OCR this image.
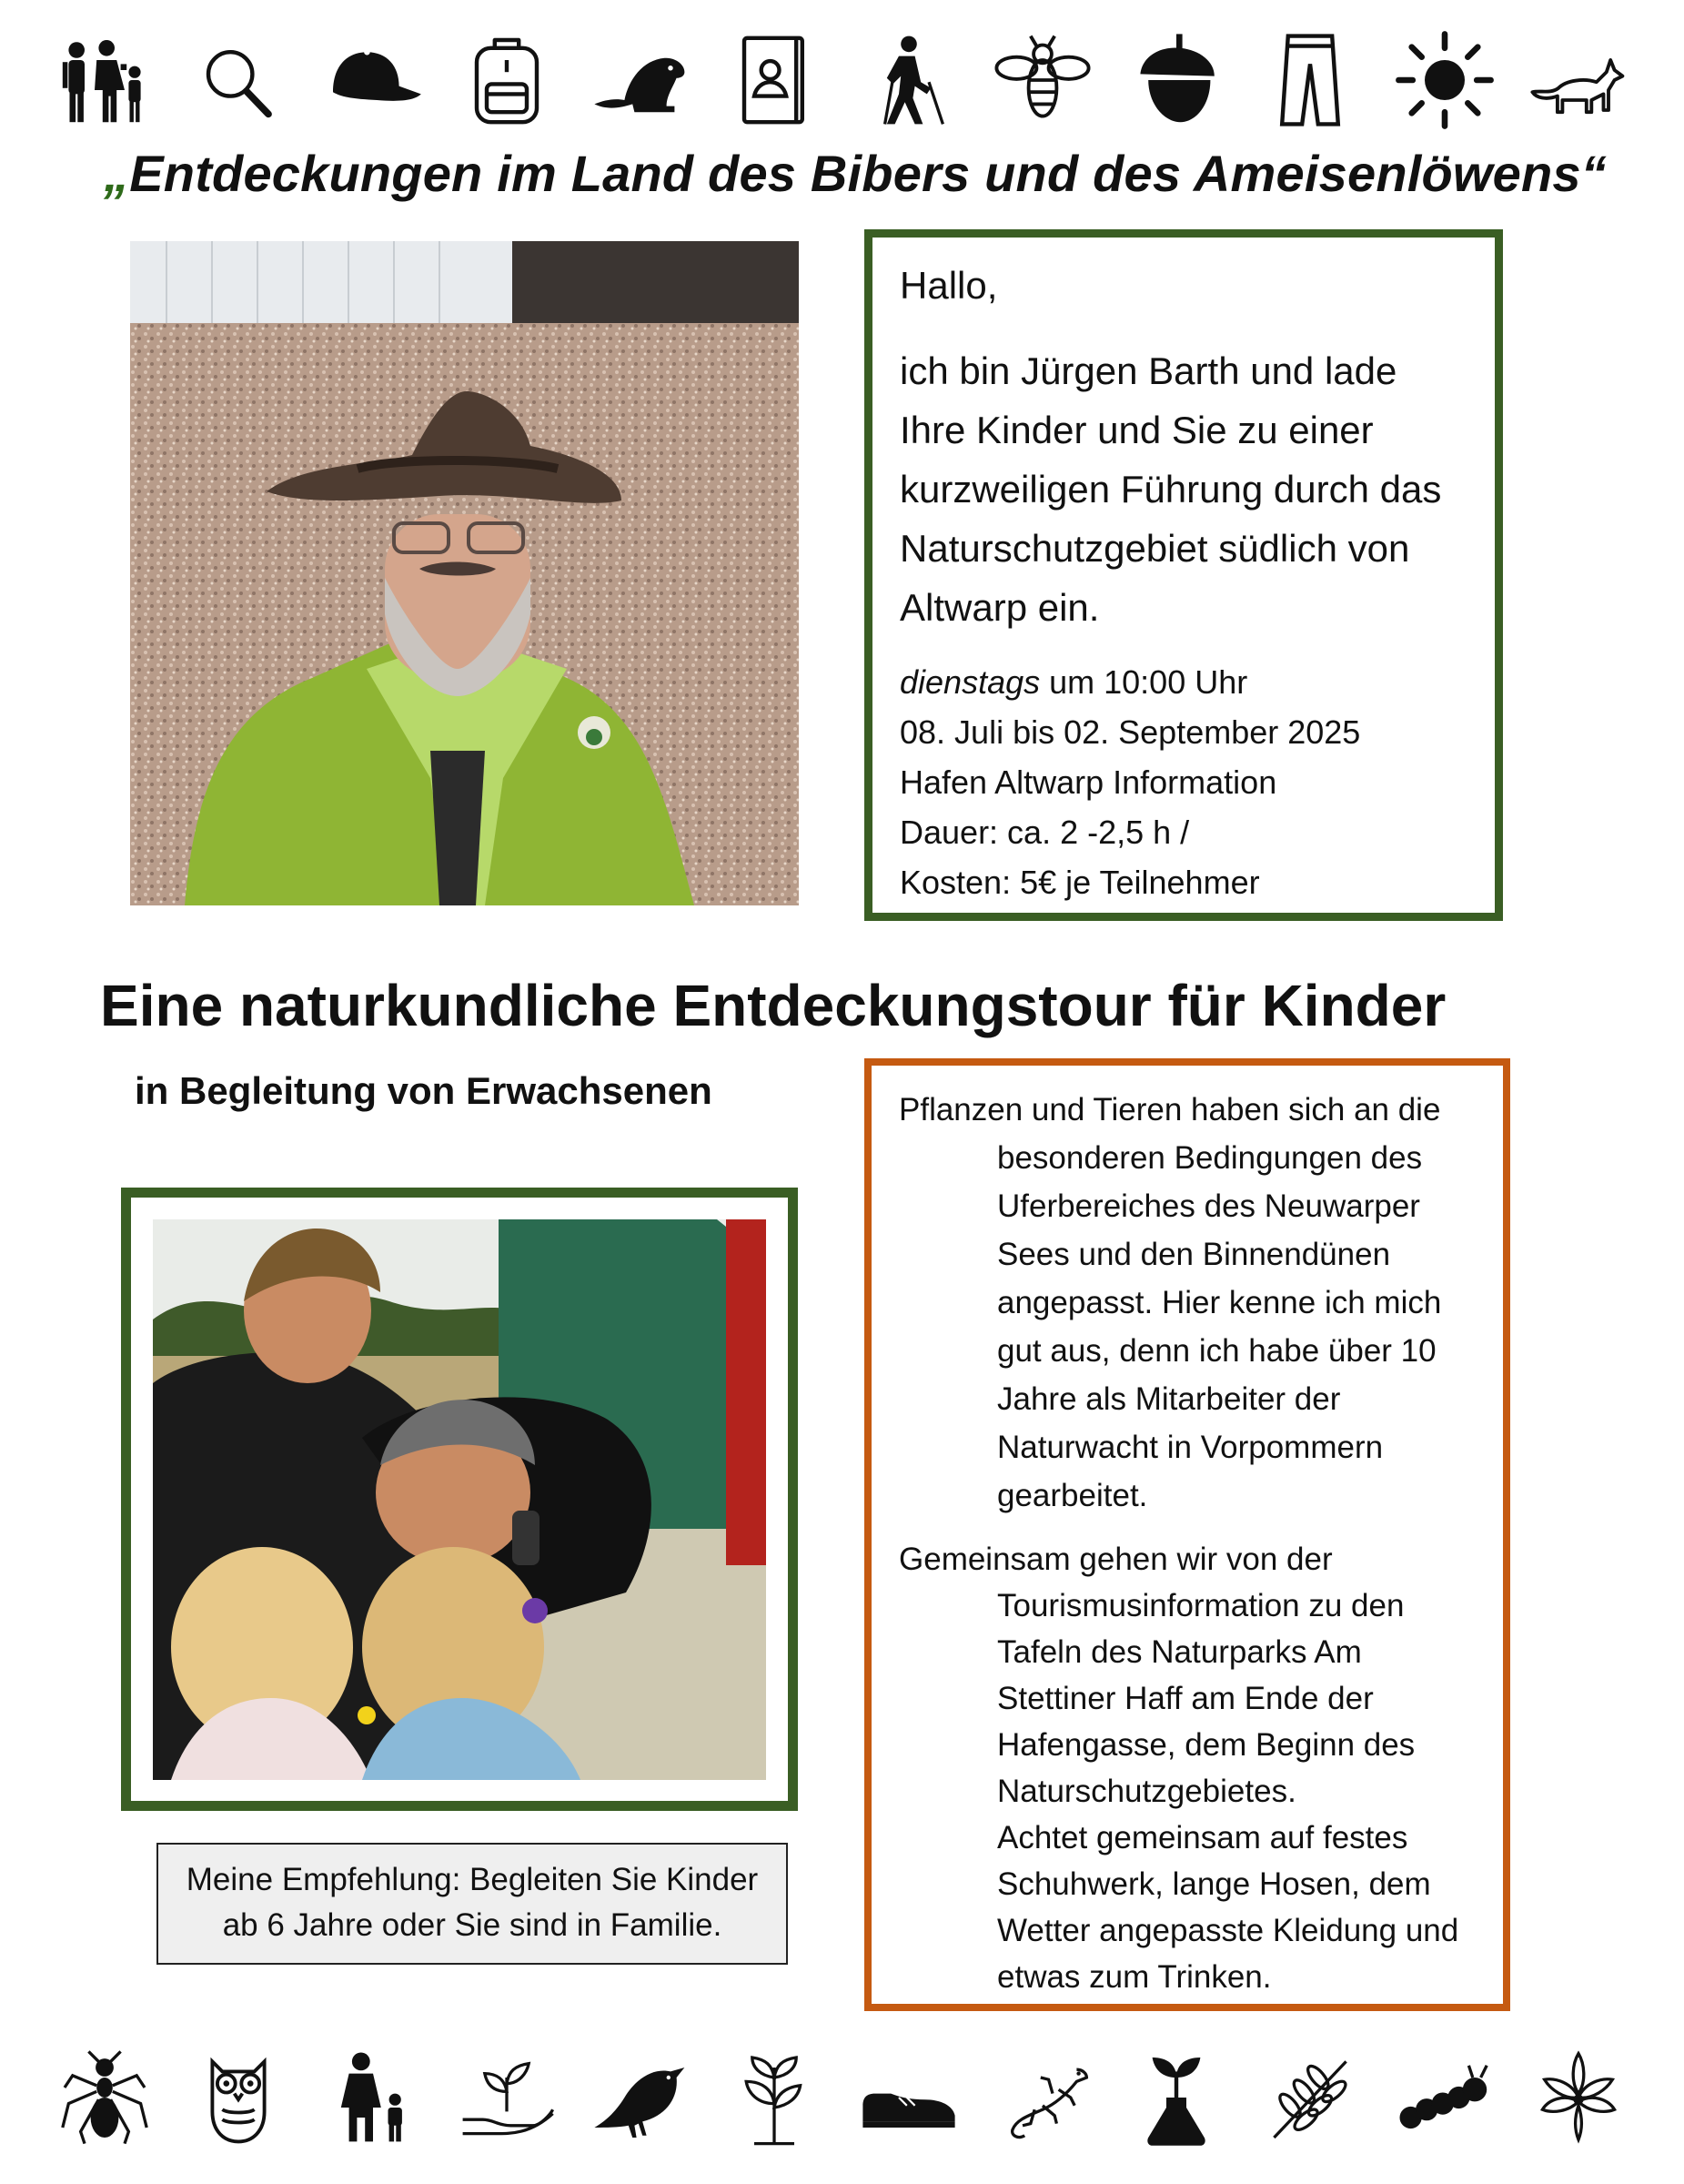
„Entdeckungen im Land des Bibers und des Ameisenlöwens“

Hallo,

ich bin Jürgen Barth und lade
Ihre Kinder und Sie zu einer
kurzweiligen Führung durch das
Naturschutzgebiet südlich von
Altwarp ein.

dienstags um 10:00 Uhr
08. Juli bis 02. September 2025
Hafen Altwarp Information
Dauer: ca. 2 -2,5 h /
Kosten: 5€ je Teilnehmer
Eine naturkundliche Entdeckungstour für Kinder
in Begleitung von Erwachsenen
Meine Empfehlung: Begleiten Sie Kinder
ab 6 Jahre oder Sie sind in Familie.
Pflanzen und Tieren haben sich an die
besonderen Bedingungen des
Uferbereiches des Neuwarper
Sees und den Binnendünen
angepasst. Hier kenne ich mich
gut aus, denn ich habe über 10
Jahre als Mitarbeiter der
Naturwacht in Vorpommern
gearbeitet.
Gemeinsam gehen wir von der
Tourismusinformation zu den
Tafeln des Naturparks Am
Stettiner Haff am Ende der
Hafengasse, dem Beginn des
Naturschutzgebietes.
Achtet gemeinsam auf festes
Schuhwerk, lange Hosen, dem
Wetter angepasste Kleidung und
etwas zum Trinken.
